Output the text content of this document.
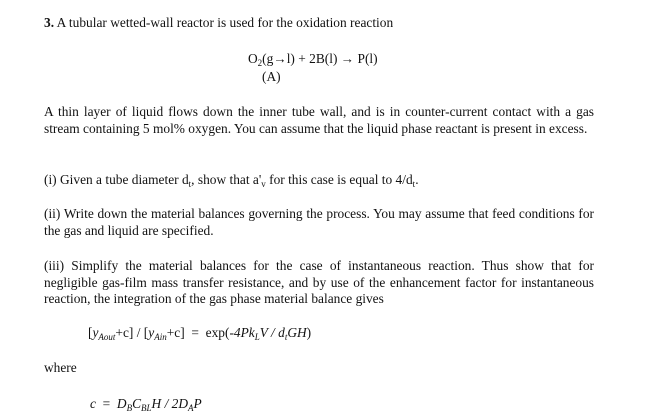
3. A tubular wetted-wall reactor is used for the oxidation reaction

$O_2(g\to l) + 2B(l) \to P(l)$

(A)

A thin layer of liquid flows down the inner tube wall, and is in counter-current contact with a gas stream containing 5 mol% oxygen. You can assume that the liquid phase reactant is present in excess.

(i) Given a tube diameter $d_t$, show that $a'_v$ for this case is equal to $4/d_t$.

(ii) Write down the material balances governing the process. You may assume that feed conditions for the gas and liquid are specified.

(iii) Simplify the material balances for the case of instantaneous reaction. Thus show that for negligible gas-film mass transfer resistance, and by use of the enhancement factor for instantaneous reaction, the integration of the gas phase material balance gives

$[y_{Aout}+c] / [y_{Ain}+c] = \exp(-4Pk_LV / d_tGH)$

where

$c = D_BC_{BL}H / 2D_AP$
